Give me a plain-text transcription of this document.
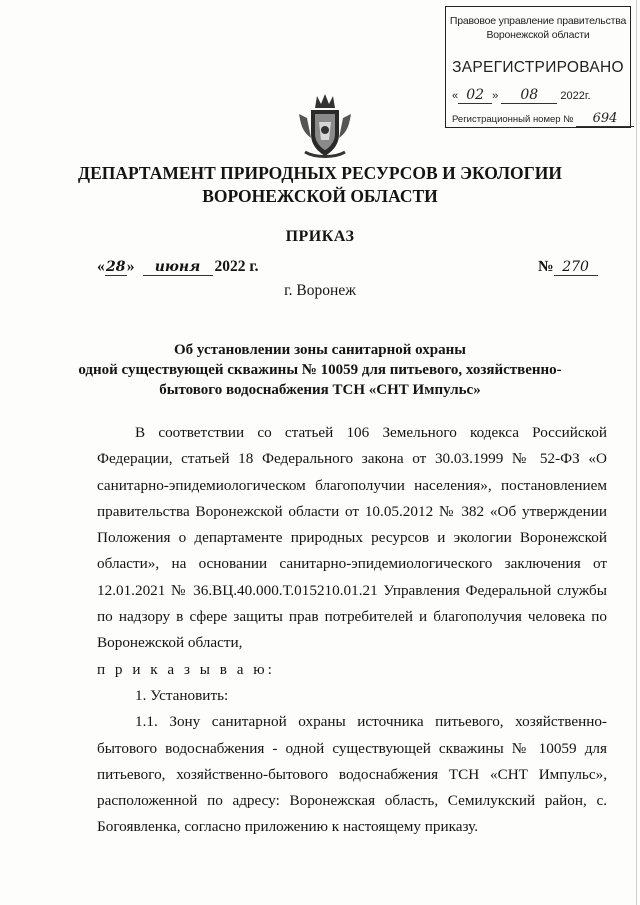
Правовое управление правительства
Воронежской области
ЗАРЕГИСТРИРОВАНО
« 02 » 08 2022г.
Регистрационный номер № 694
ДЕПАРТАМЕНТ ПРИРОДНЫХ РЕСУРСОВ И ЭКОЛОГИИ
ВОРОНЕЖСКОЙ ОБЛАСТИ
ПРИКАЗ
«28» июня 2022 г.	№ 270
г. Воронеж
Об установлении зоны санитарной охраны
одной существующей скважины № 10059 для питьевого, хозяйственно-
бытового водоснабжения ТСН «СНТ Импульс»

В соответствии со статьей 106 Земельного кодекса Российской Федерации, статьей 18 Федерального закона от 30.03.1999 № 52-ФЗ «О санитарно-эпидемиологическом благополучии населения», постановлением правительства Воронежской области от 10.05.2012 № 382 «Об утверждении Положения о департаменте природных ресурсов и экологии Воронежской области», на основании санитарно-эпидемиологического заключения от 12.01.2021 № 36.ВЦ.40.000.Т.015210.01.21 Управления Федеральной службы по надзору в сфере защиты прав потребителей и благополучия человека по Воронежской области,

п р и к а з ы в а ю:

1. Установить:

1.1. Зону санитарной охраны источника питьевого, хозяйственно-бытового водоснабжения - одной существующей скважины № 10059 для питьевого, хозяйственно-бытового водоснабжения ТСН «СНТ Импульс», расположенной по адресу: Воронежская область, Семилукский район, с. Богоявленка, согласно приложению к настоящему приказу.
